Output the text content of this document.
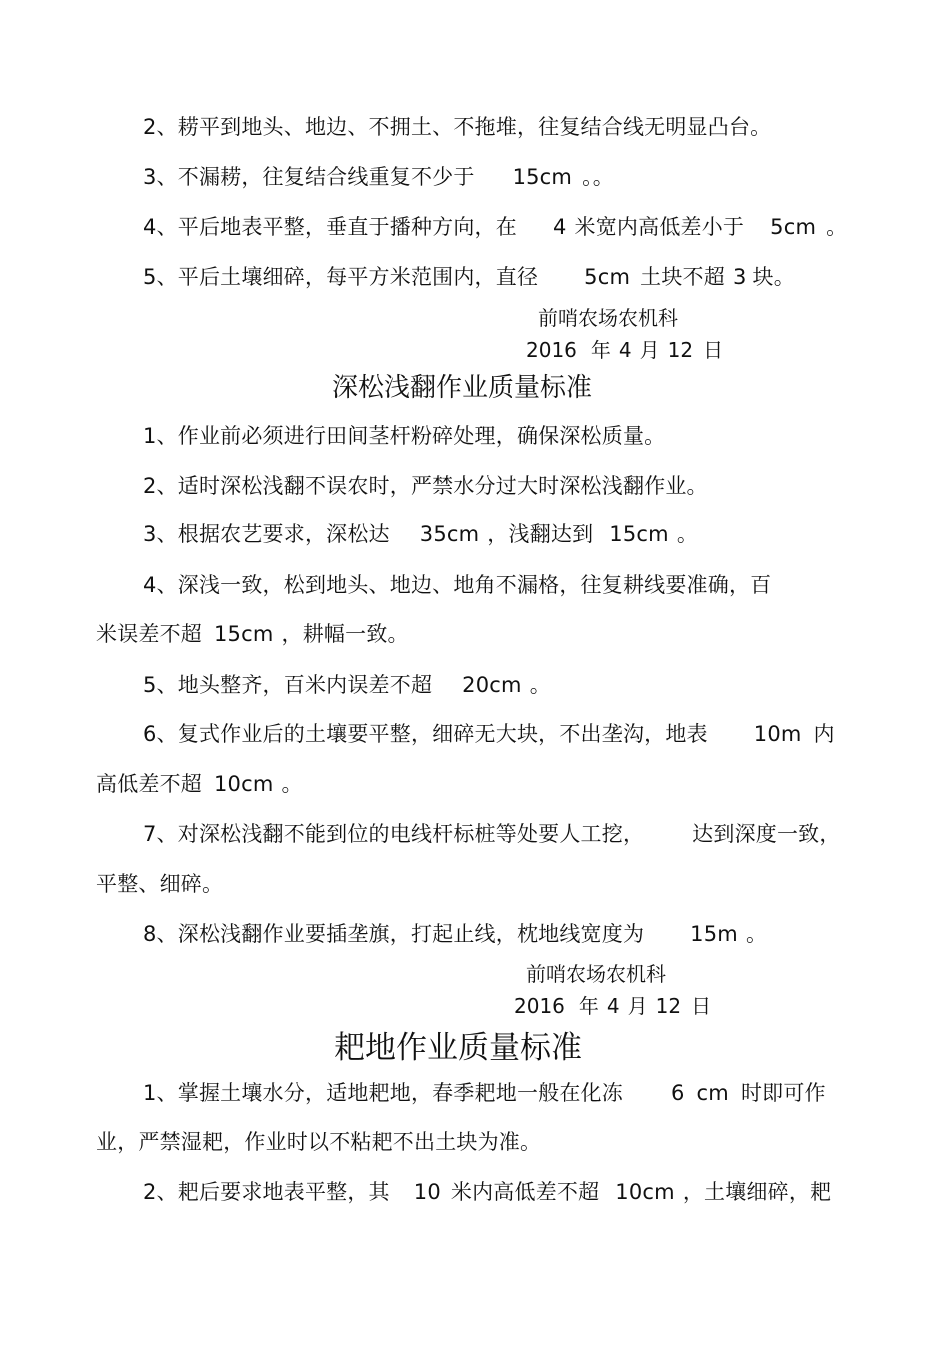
2、耢平到地头、地边、不拥土、不拖堆，往复结合线无明显凸台。
3、不漏耢，往复结合线重复不少于 15cm 。。
4、平后地表平整，垂直于播种方向，在 4 米宽内高低差小于 5cm 。
5、平后土壤细碎，每平方米范围内，直径 5cm 土块不超 3 块。
前哨农场农机科
2016 年 4 月 12 日
深松浅翻作业质量标准
1、作业前必须进行田间茎杆粉碎处理，确保深松质量。
2、适时深松浅翻不误农时，严禁水分过大时深松浅翻作业。
3、根据农艺要求，深松达 35cm ，浅翻达到 15cm 。
4、深浅一致，松到地头、地边、地角不漏格，往复耕线要准确，百
米误差不超 15cm ，耕幅一致。
5、地头整齐，百米内误差不超 20cm 。
6、复式作业后的土壤要平整，细碎无大块，不出垄沟，地表 10m 内
高低差不超 10cm 。
7、对深松浅翻不能到位的电线杆标桩等处要人工挖， 达到深度一致，
平整、细碎。
8、深松浅翻作业要插垄旗，打起止线，枕地线宽度为 15m 。
前哨农场农机科
2016 年 4 月 12 日
耙地作业质量标准
1、掌握土壤水分，适地耙地，春季耙地一般在化冻 6 cm 时即可作
业，严禁湿耙，作业时以不粘耙不出土块为准。
2、耙后要求地表平整，其 10 米内高低差不超 10cm ，土壤细碎，耙
